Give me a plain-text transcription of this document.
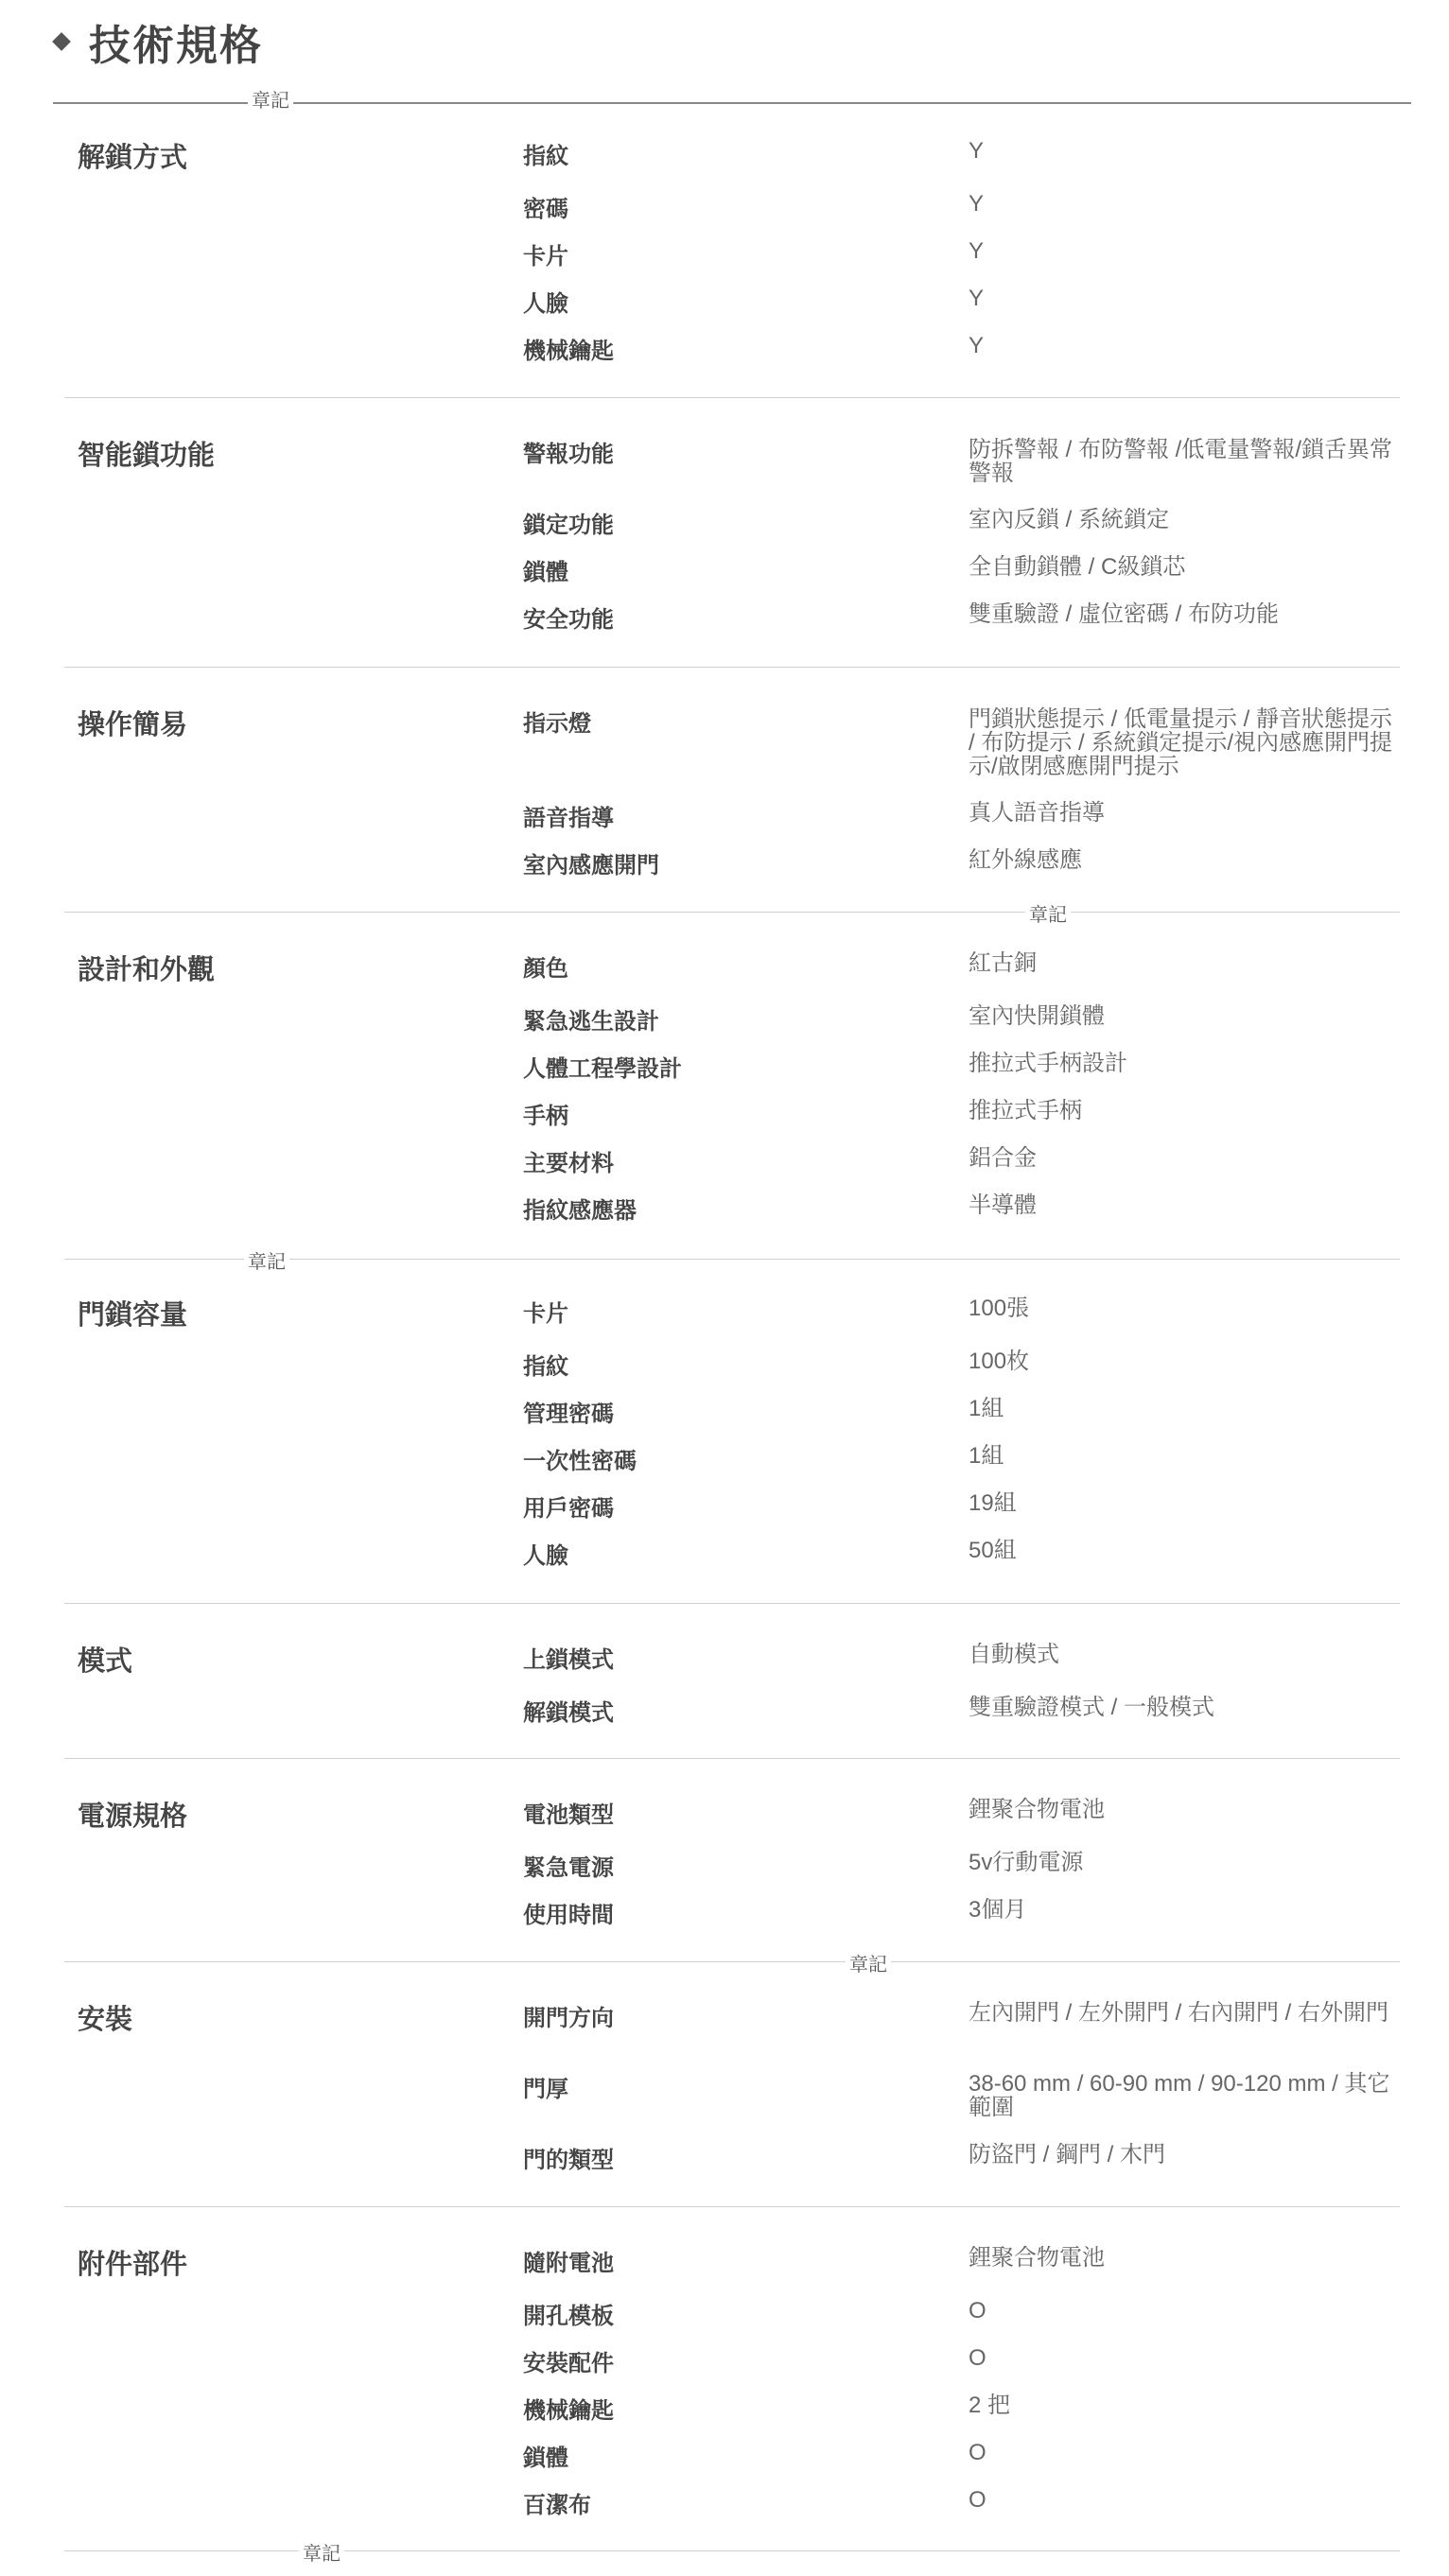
技術規格
解鎖方式	指紋	Y
密碼	Y
卡片	Y
人臉	Y
機械鑰匙	Y
智能鎖功能	警報功能	防拆警報 / 布防警報 /低電量警報/鎖舌異常警報
鎖定功能	室內反鎖 / 系統鎖定
鎖體	全自動鎖體 / C級鎖芯
安全功能	雙重驗證 / 虛位密碼 / 布防功能
操作簡易	指示燈	門鎖狀態提示 / 低電量提示 / 靜音狀態提示 / 布防提示 / 系統鎖定提示/視內感應開門提示/啟閉感應開門提示
語音指導	真人語音指導
室內感應開門	紅外線感應
設計和外觀	顏色	紅古銅
緊急逃生設計	室內快開鎖體
人體工程學設計	推拉式手柄設計
手柄	推拉式手柄
主要材料	鋁合金
指紋感應器	半導體
門鎖容量	卡片	100張
指紋	100枚
管理密碼	1組
一次性密碼	1組
用戶密碼	19組
人臉	50組
模式	上鎖模式	自動模式
解鎖模式	雙重驗證模式 / 一般模式
電源規格	電池類型	鋰聚合物電池
緊急電源	5v行動電源
使用時間	3個月
安裝	開門方向	左內開門 / 左外開門 / 右內開門 / 右外開門
門厚	38-60 mm / 60-90 mm / 90-120 mm / 其它範圍
門的類型	防盜門 / 鋼門 / 木門
附件部件	隨附電池	鋰聚合物電池
開孔模板	O
安裝配件	O
機械鑰匙	2 把
鎖體	O
百潔布	O
章記
章記
章記
章記
章記
